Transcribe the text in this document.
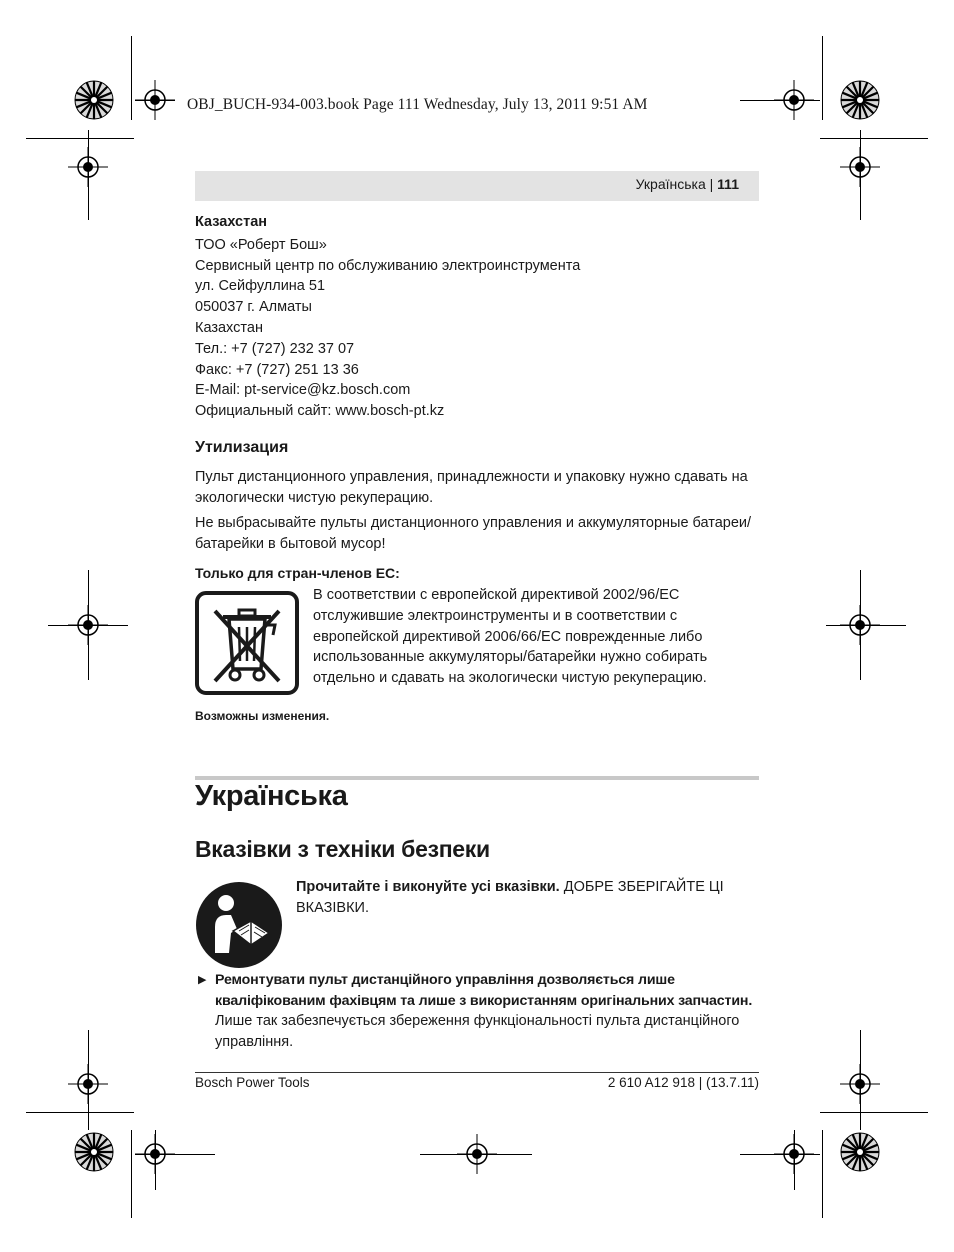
OBJ_BUCH-934-003.book Page 111 Wednesday, July 13, 2011 9:51 AM
Українська | 111

Казахстан

ТОО «Роберт Бош»

Сервисный центр по обслуживанию электроинструмента

ул. Сейфуллина 51

050037 г. Алматы

Казахстан

Тел.: +7 (727) 232 37 07

Факс: +7 (727) 251 13 36

E-Mail: pt-service@kz.bosch.com

Официальный сайт: www.bosch-pt.kz

Утилизация
Пульт дистанционного управления, принадлежности и упаковку нужно сдавать на экологически чистую рекуперацию.
Не выбрасывайте пульты дистанционного управления и аккумуляторные батареи/батарейки в бытовой мусор!
Только для стран-членов ЕС:
В соответствии с европейской директивой 2002/96/ЕС отслужившие электроинструменты и в соответствии с европейской директивой 2006/66/ЕС поврежденные либо использованные аккумуляторы/батарейки нужно собирать отдельно и сдавать на экологически чистую рекуперацию.
Возможны изменения.
Українська
Вказівки з техніки безпеки
Прочитайте і виконуйте усі вказівки. ДОБРЕ ЗБЕРІГАЙТЕ ЦІ ВКАЗІВКИ.
▶ Ремонтувати пульт дистанційного управління дозволяється лише кваліфікованим фахівцям та лише з використанням оригінальних запчастин.
Лише так забезпечується збереження функціональності пульта дистанційного управління.
Bosch Power Tools	2 610 A12 918 | (13.7.11)
